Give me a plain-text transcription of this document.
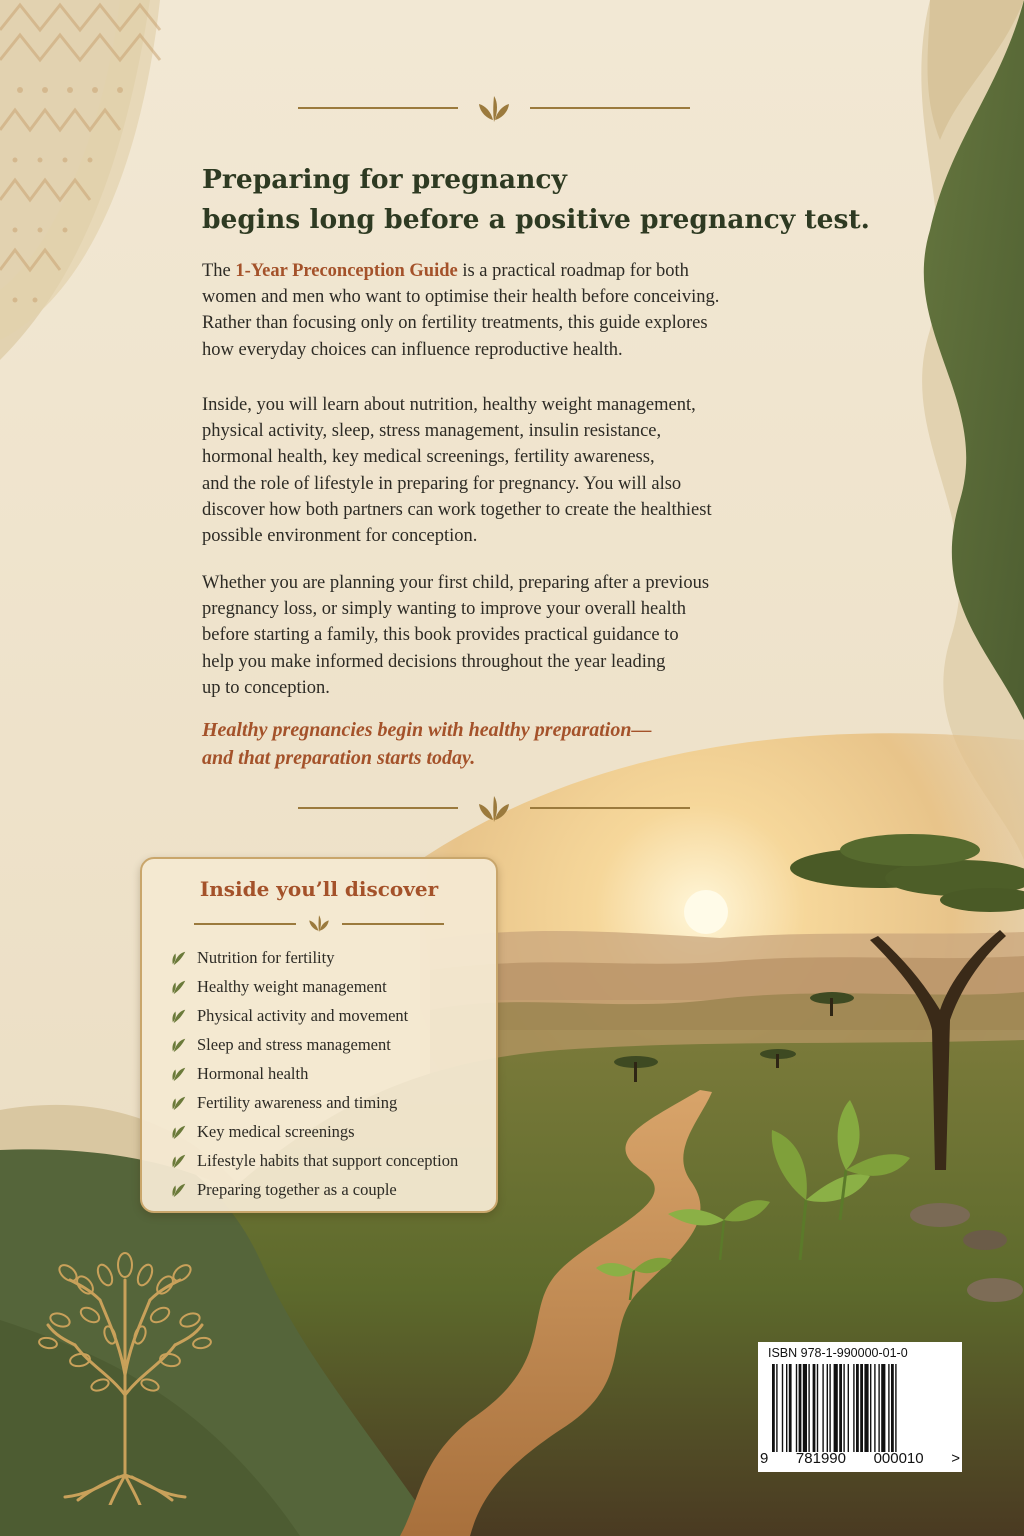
Preparing for pregnancy
begins long before a positive pregnancy test.
The 1-Year Preconception Guide is a practical roadmap for both
women and men who want to optimise their health before conceiving.
Rather than focusing only on fertility treatments, this guide explores
how everyday choices can influence reproductive health.
Inside, you will learn about nutrition, healthy weight management,
physical activity, sleep, stress management, insulin resistance,
hormonal health, key medical screenings, fertility awareness,
and the role of lifestyle in preparing for pregnancy. You will also
discover how both partners can work together to create the healthiest
possible environment for conception.
Whether you are planning your first child, preparing after a previous
pregnancy loss, or simply wanting to improve your overall health
before starting a family, this book provides practical guidance to
help you make informed decisions throughout the year leading
up to conception.
Healthy pregnancies begin with healthy preparation—
and that preparation starts today.
Inside you’ll discover
Nutrition for fertility
Healthy weight management
Physical activity and movement
Sleep and stress management
Hormonal health
Fertility awareness and timing
Key medical screenings
Lifestyle habits that support conception
Preparing together as a couple
ISBN 978-1-990000-01-0
9 781990 000010 >
